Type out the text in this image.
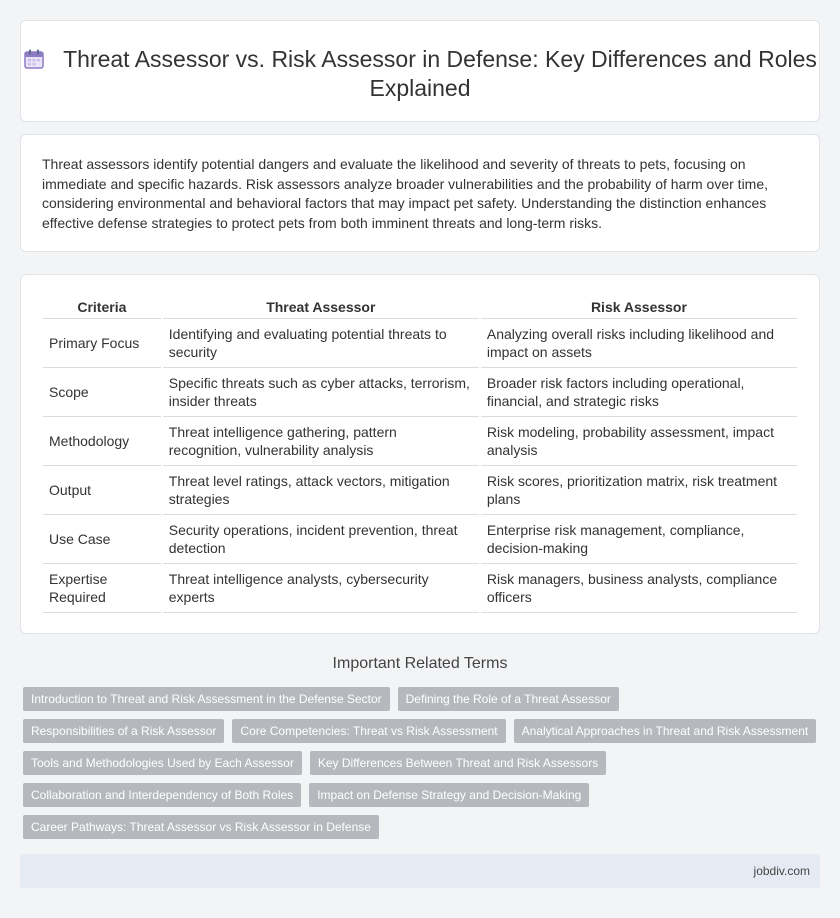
Threat Assessor vs. Risk Assessor in Defense: Key Differences and Roles Explained

Threat assessors identify potential dangers and evaluate the likelihood and severity of threats to pets, focusing on immediate and specific hazards. Risk assessors analyze broader vulnerabilities and the probability of harm over time, considering environmental and behavioral factors that may impact pet safety. Understanding the distinction enhances effective defense strategies to protect pets from both imminent threats and long-term risks.

Criteria	Threat Assessor	Risk Assessor
Primary Focus	Identifying and evaluating potential threats to security	Analyzing overall risks including likelihood and impact on assets
Scope	Specific threats such as cyber attacks, terrorism, insider threats	Broader risk factors including operational, financial, and strategic risks
Methodology	Threat intelligence gathering, pattern recognition, vulnerability analysis	Risk modeling, probability assessment, impact analysis
Output	Threat level ratings, attack vectors, mitigation strategies	Risk scores, prioritization matrix, risk treatment plans
Use Case	Security operations, incident prevention, threat detection	Enterprise risk management, compliance, decision-making
Expertise Required	Threat intelligence analysts, cybersecurity experts	Risk managers, business analysts, compliance officers
Important Related Terms
Introduction to Threat and Risk Assessment in the Defense Sector	Defining the Role of a Threat Assessor
Responsibilities of a Risk Assessor	Core Competencies: Threat vs Risk Assessment	Analytical Approaches in Threat and Risk Assessment
Tools and Methodologies Used by Each Assessor	Key Differences Between Threat and Risk Assessors
Collaboration and Interdependency of Both Roles	Impact on Defense Strategy and Decision-Making
Career Pathways: Threat Assessor vs Risk Assessor in Defense
jobdiv.com
